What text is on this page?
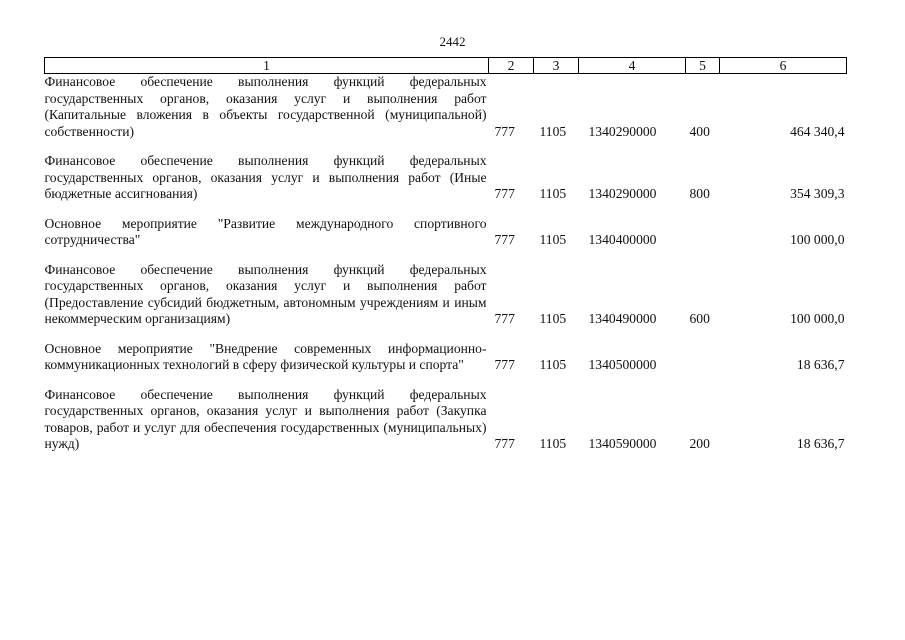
2442
1	2	3	4	5	6
Финансовое обеспечение выполнения функций федеральных государственных органов, оказания услуг и выполнения работ (Капитальные вложения в объекты государственной (муниципальной) собственности)	777	1105	1340290000	400	464 340,4
Финансовое обеспечение выполнения функций федеральных государственных органов, оказания услуг и выполнения работ (Иные бюджетные ассигнования)	777	1105	1340290000	800	354 309,3
Основное мероприятие "Развитие международного спортивного сотрудничества"	777	1105	1340400000		100 000,0
Финансовое обеспечение выполнения функций федеральных государственных органов, оказания услуг и выполнения работ (Предоставление субсидий бюджетным, автономным учреждениям и иным некоммерческим организациям)	777	1105	1340490000	600	100 000,0
Основное мероприятие "Внедрение современных информационно-коммуникационных технологий в сферу физической культуры и спорта"	777	1105	1340500000		18 636,7
Финансовое обеспечение выполнения функций федеральных государственных органов, оказания услуг и выполнения работ (Закупка товаров, работ и услуг для обеспечения государственных (муниципальных) нужд)	777	1105	1340590000	200	18 636,7
